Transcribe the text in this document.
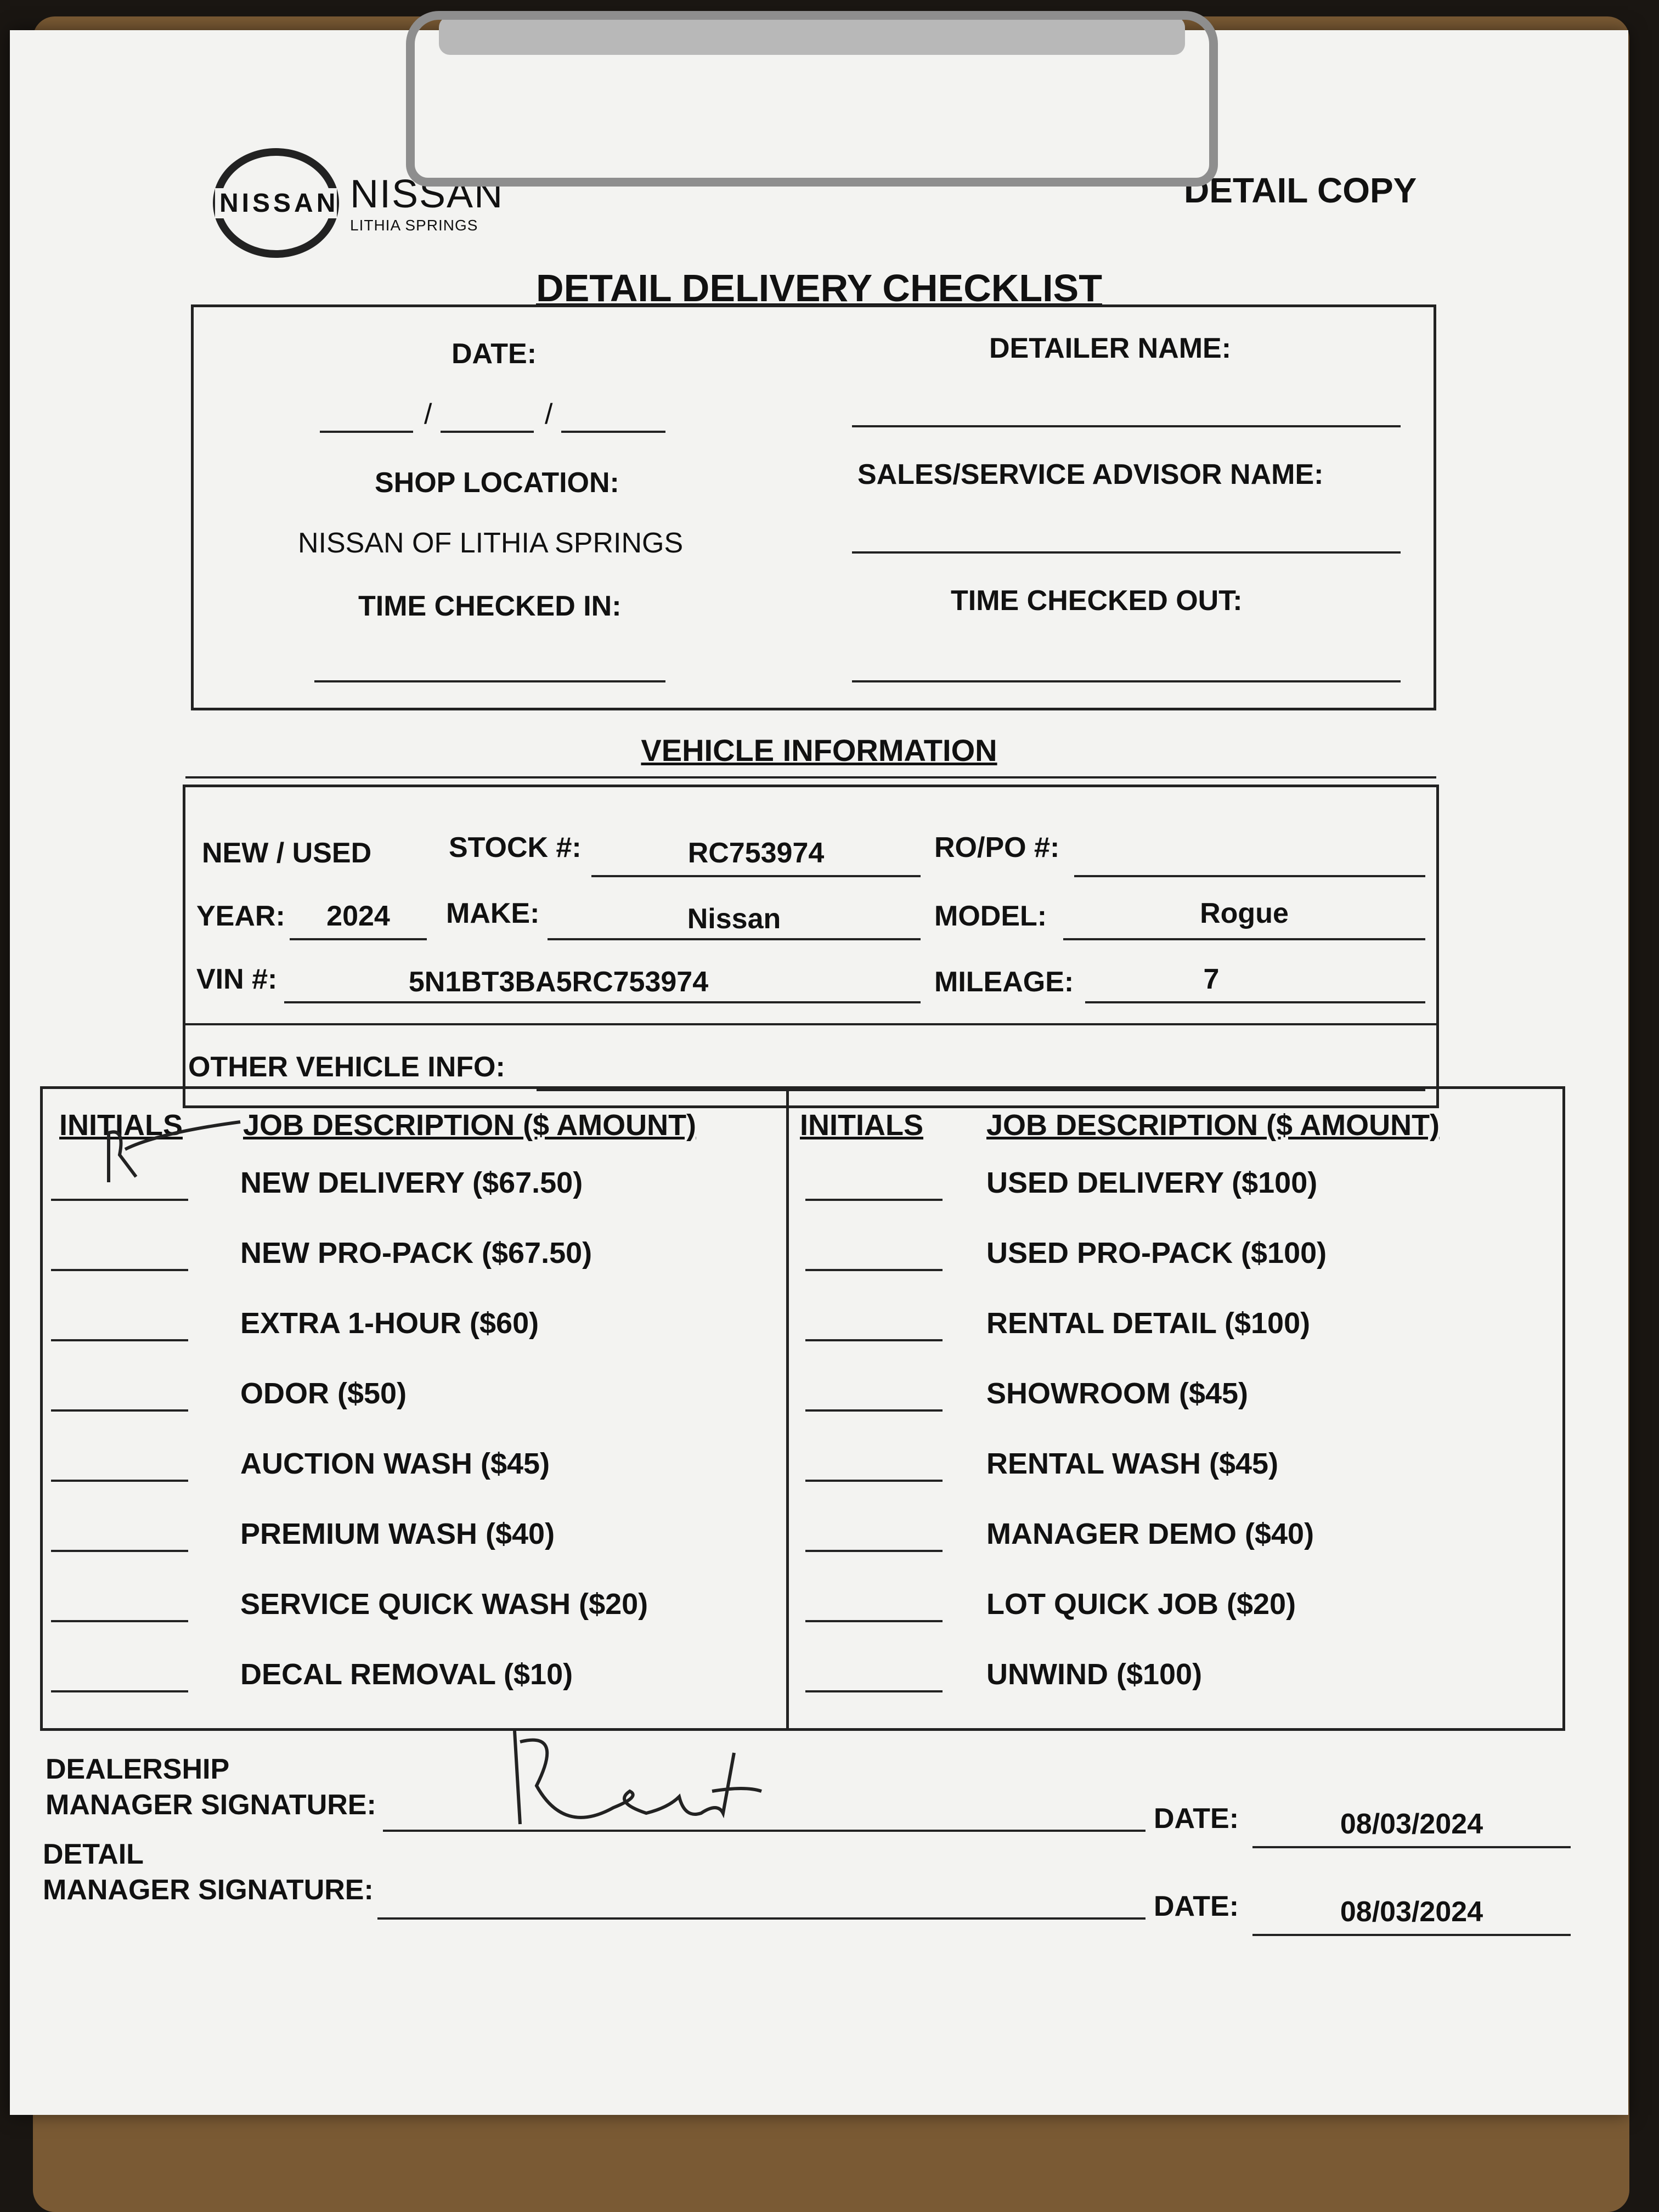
NISSAN NISSAN
LITHIA SPRINGS
DETAIL COPY
DETAIL DELIVERY CHECKLIST
DATE:
/	/
DETAILER NAME:
SHOP LOCATION:
NISSAN OF LITHIA SPRINGS
SALES/SERVICE ADVISOR NAME:
TIME CHECKED IN:	TIME CHECKED OUT:
VEHICLE INFORMATION
NEW / USED	STOCK #:	RC753974	RO/PO #:
YEAR:	2024	MAKE:	Nissan	MODEL:	Rogue
VIN #:	5N1BT3BA5RC753974	MILEAGE:	7
OTHER VEHICLE INFO:
INITIALS JOB DESCRIPTION ($ AMOUNT)	INITIALS JOB DESCRIPTION ($ AMOUNT)
NEW DELIVERY ($67.50)
NEW PRO-PACK ($67.50)
EXTRA 1-HOUR ($60)
ODOR ($50)
AUCTION WASH ($45)
PREMIUM WASH ($40)
SERVICE QUICK WASH ($20)
DECAL REMOVAL ($10)
USED DELIVERY ($100)
USED PRO-PACK ($100)
RENTAL DETAIL ($100)
SHOWROOM ($45)
RENTAL WASH ($45)
MANAGER DEMO ($40)
LOT QUICK JOB ($20)
UNWIND ($100)
DEALERSHIP
MANAGER SIGNATURE:	DATE:	08/03/2024
DETAIL
MANAGER SIGNATURE:
DATE:	08/03/2024
